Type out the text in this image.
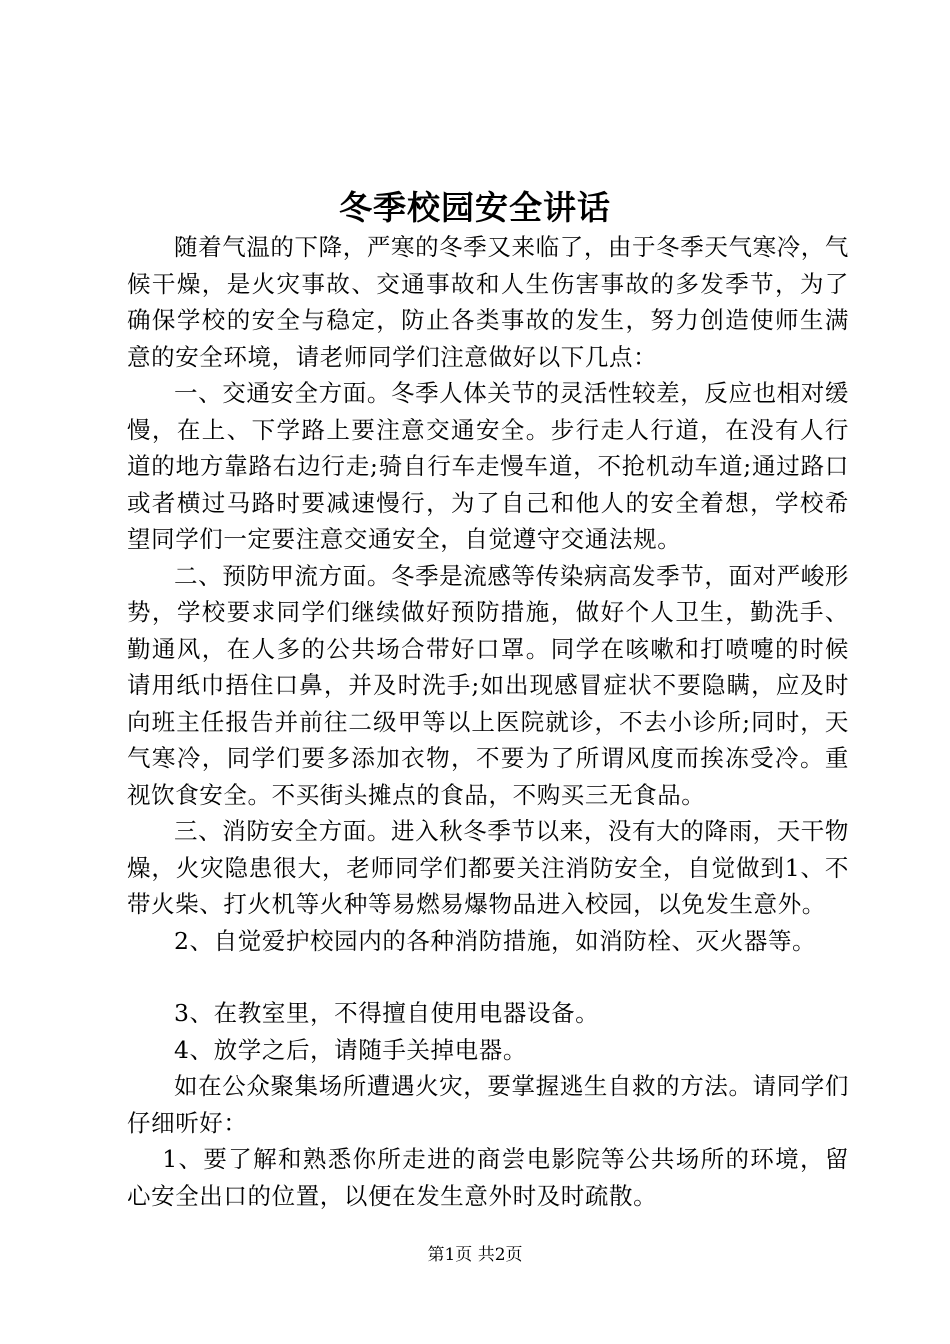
冬季校园安全讲话

随着气温的下降，严寒的冬季又来临了，由于冬季天气寒冷，气候干燥，是火灾事故、交通事故和人生伤害事故的多发季节，为了确保学校的安全与稳定，防止各类事故的发生，努力创造使师生满意的安全环境，请老师同学们注意做好以下几点：

一、交通安全方面。冬季人体关节的灵活性较差，反应也相对缓慢，在上、下学路上要注意交通安全。步行走人行道，在没有人行道的地方靠路右边行走;骑自行车走慢车道，不抢机动车道;通过路口或者横过马路时要减速慢行，为了自己和他人的安全着想，学校希望同学们一定要注意交通安全，自觉遵守交通法规。

二、预防甲流方面。冬季是流感等传染病高发季节，面对严峻形势，学校要求同学们继续做好预防措施，做好个人卫生，勤洗手、勤通风，在人多的公共场合带好口罩。同学在咳嗽和打喷嚏的时候请用纸巾捂住口鼻，并及时洗手;如出现感冒症状不要隐瞒，应及时向班主任报告并前往二级甲等以上医院就诊，不去小诊所;同时，天气寒冷，同学们要多添加衣物，不要为了所谓风度而挨冻受冷。重视饮食安全。不买街头摊点的食品，不购买三无食品。

三、消防安全方面。进入秋冬季节以来，没有大的降雨，天干物燥，火灾隐患很大，老师同学们都要关注消防安全，自觉做到1、不带火柴、打火机等火种等易燃易爆物品进入校园，以免发生意外。

2、自觉爱护校园内的各种消防措施，如消防栓、灭火器等。

3、在教室里，不得擅自使用电器设备。

4、放学之后，请随手关掉电器。

如在公众聚集场所遭遇火灾，要掌握逃生自救的方法。请同学们仔细听好：

1、要了解和熟悉你所走进的商尝电影院等公共场所的环境，留心安全出口的位置，以便在发生意外时及时疏散。

第1页 共2页
